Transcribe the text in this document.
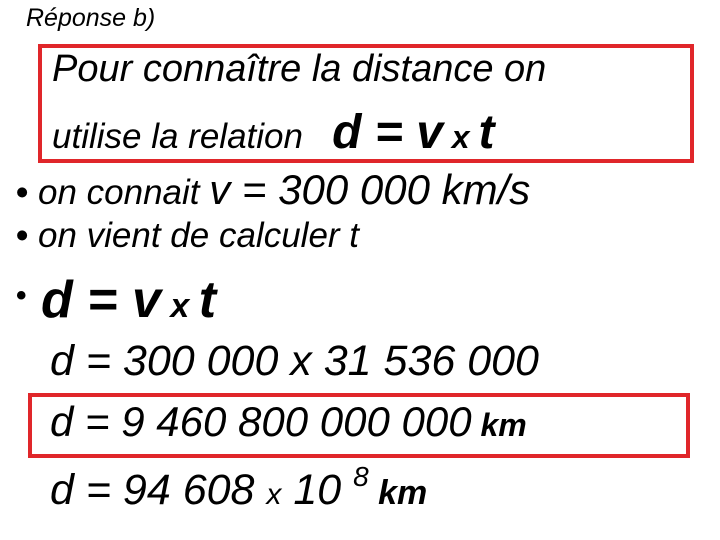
Réponse b)
Pour connaître la distance on
utilise la relation d = v x t
• on connait v = 300 000 km/s
• on vient de calculer t
• d = v x t
d = 300 000 x 31 536 000
d = 9 460 800 000 000 km
d = 94 608 x 10 $^8$ km
